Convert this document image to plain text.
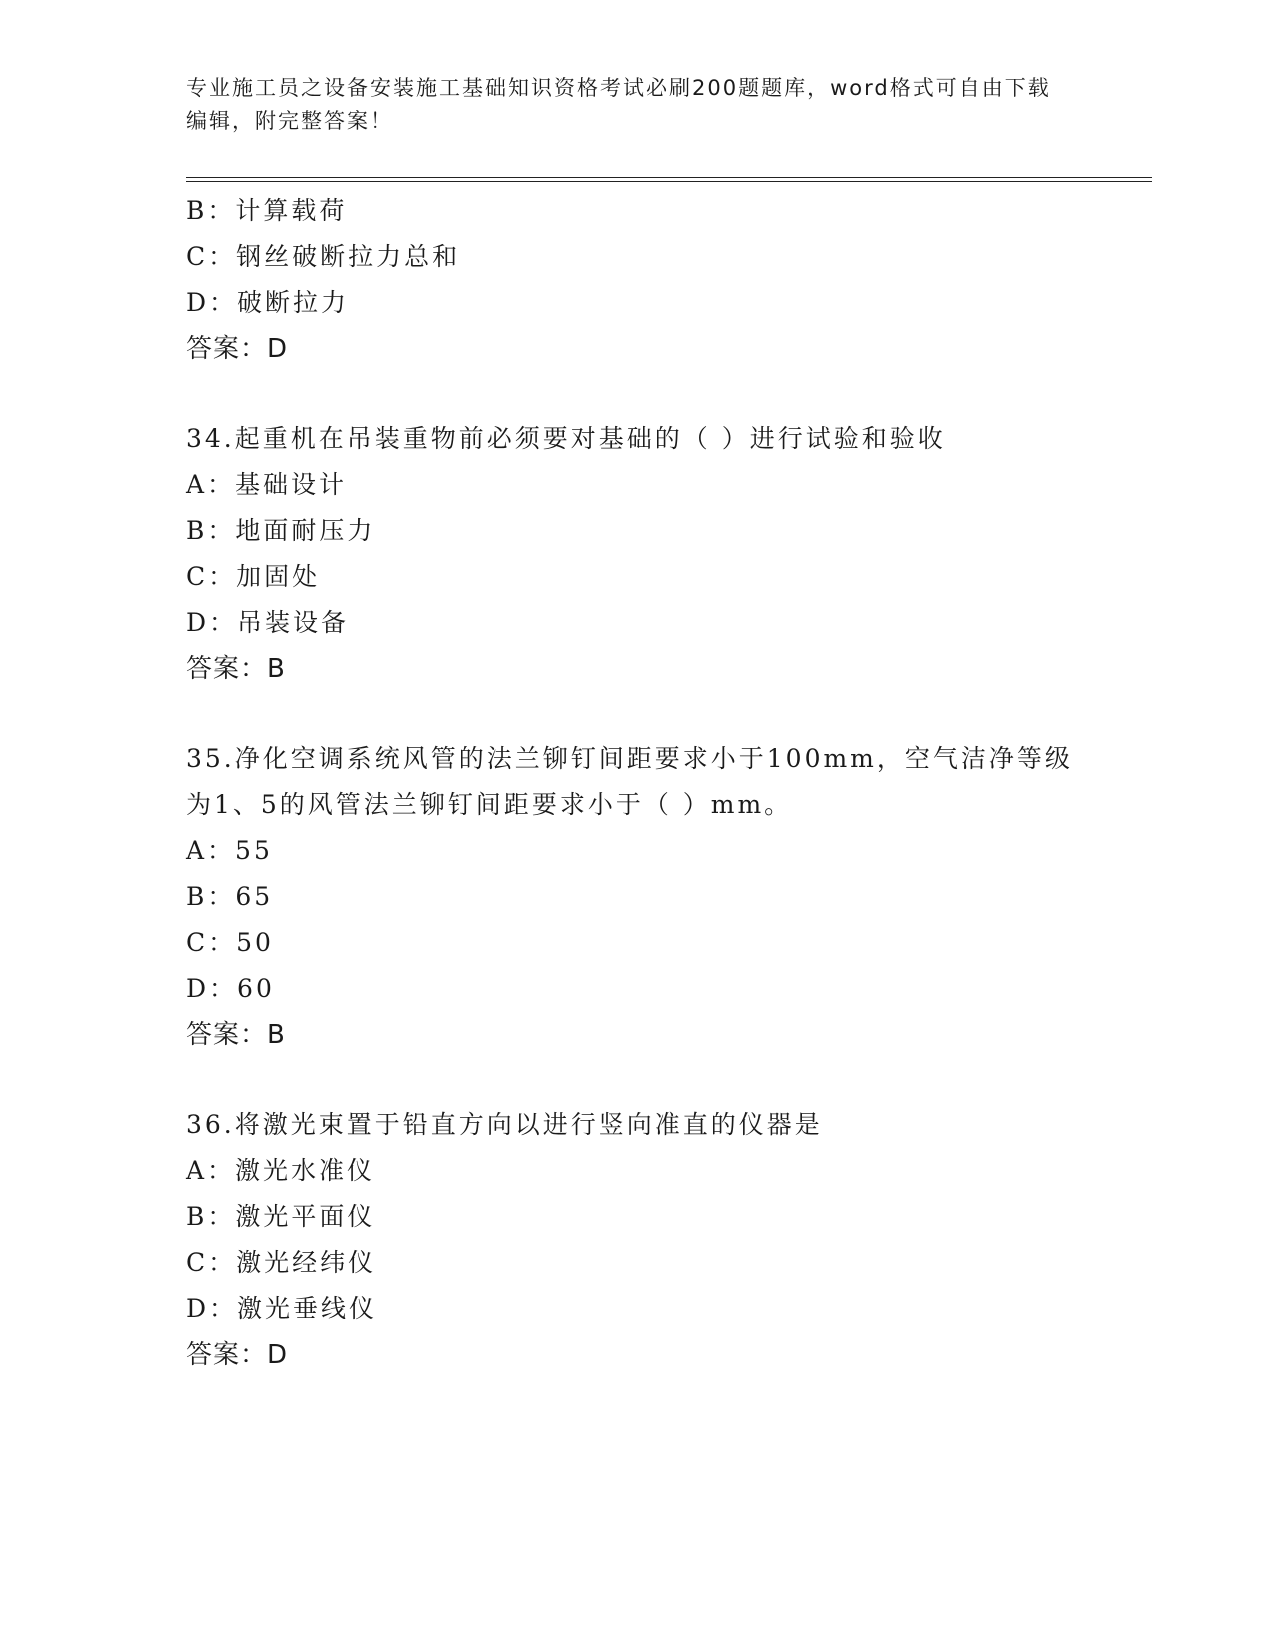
专业施工员之设备安装施工基础知识资格考试必刷200题题库，word格式可自由下载编辑，附完整答案！
B：计算载荷
C：钢丝破断拉力总和
D：破断拉力
答案：D
34.起重机在吊装重物前必须要对基础的（ ）进行试验和验收
A：基础设计
B：地面耐压力
C：加固处
D：吊装设备
答案：B
35.净化空调系统风管的法兰铆钉间距要求小于100mm，空气洁净等级为1、5的风管法兰铆钉间距要求小于（ ）mm。
A：55
B：65
C：50
D：60
答案：B
36.将激光束置于铅直方向以进行竖向准直的仪器是
A：激光水准仪
B：激光平面仪
C：激光经纬仪
D：激光垂线仪
答案：D
